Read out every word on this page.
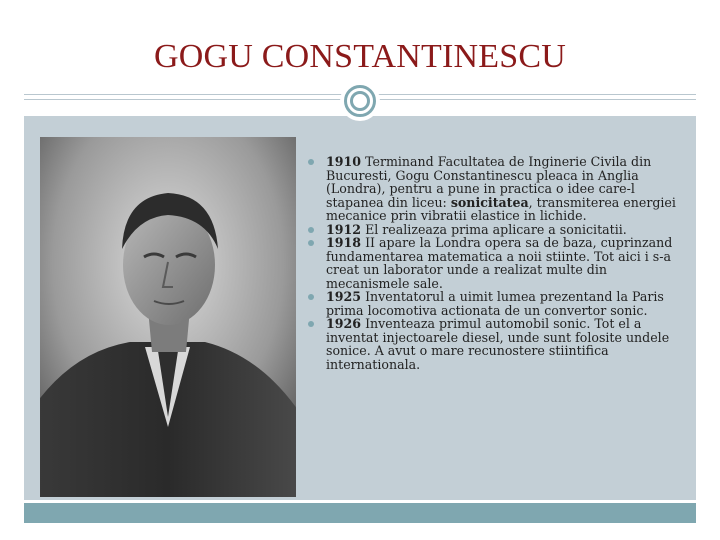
GOGU CONSTANTINESCU
1910 Terminand Facultatea de Inginerie Civila din Bucuresti, Gogu Constantinescu pleaca in Anglia (Londra), pentru a pune in practica o idee care-l stapanea din liceu: sonicitatea, transmiterea energiei mecanice prin vibratii elastice in lichide.
1912 El realizeaza prima aplicare a sonicitatii.
1918 II apare la Londra opera sa de baza, cuprinzand fundamentarea matematica a noii stiinte. Tot aici i s-a creat un laborator unde a realizat multe din mecanismele sale.
1925 Inventatorul a uimit lumea prezentand la Paris prima locomotiva actionata de un convertor sonic.
1926 Inventeaza primul automobil sonic. Tot el a inventat injectoarele diesel, unde sunt folosite undele sonice. A avut o mare recunostere stiintifica internationala.
